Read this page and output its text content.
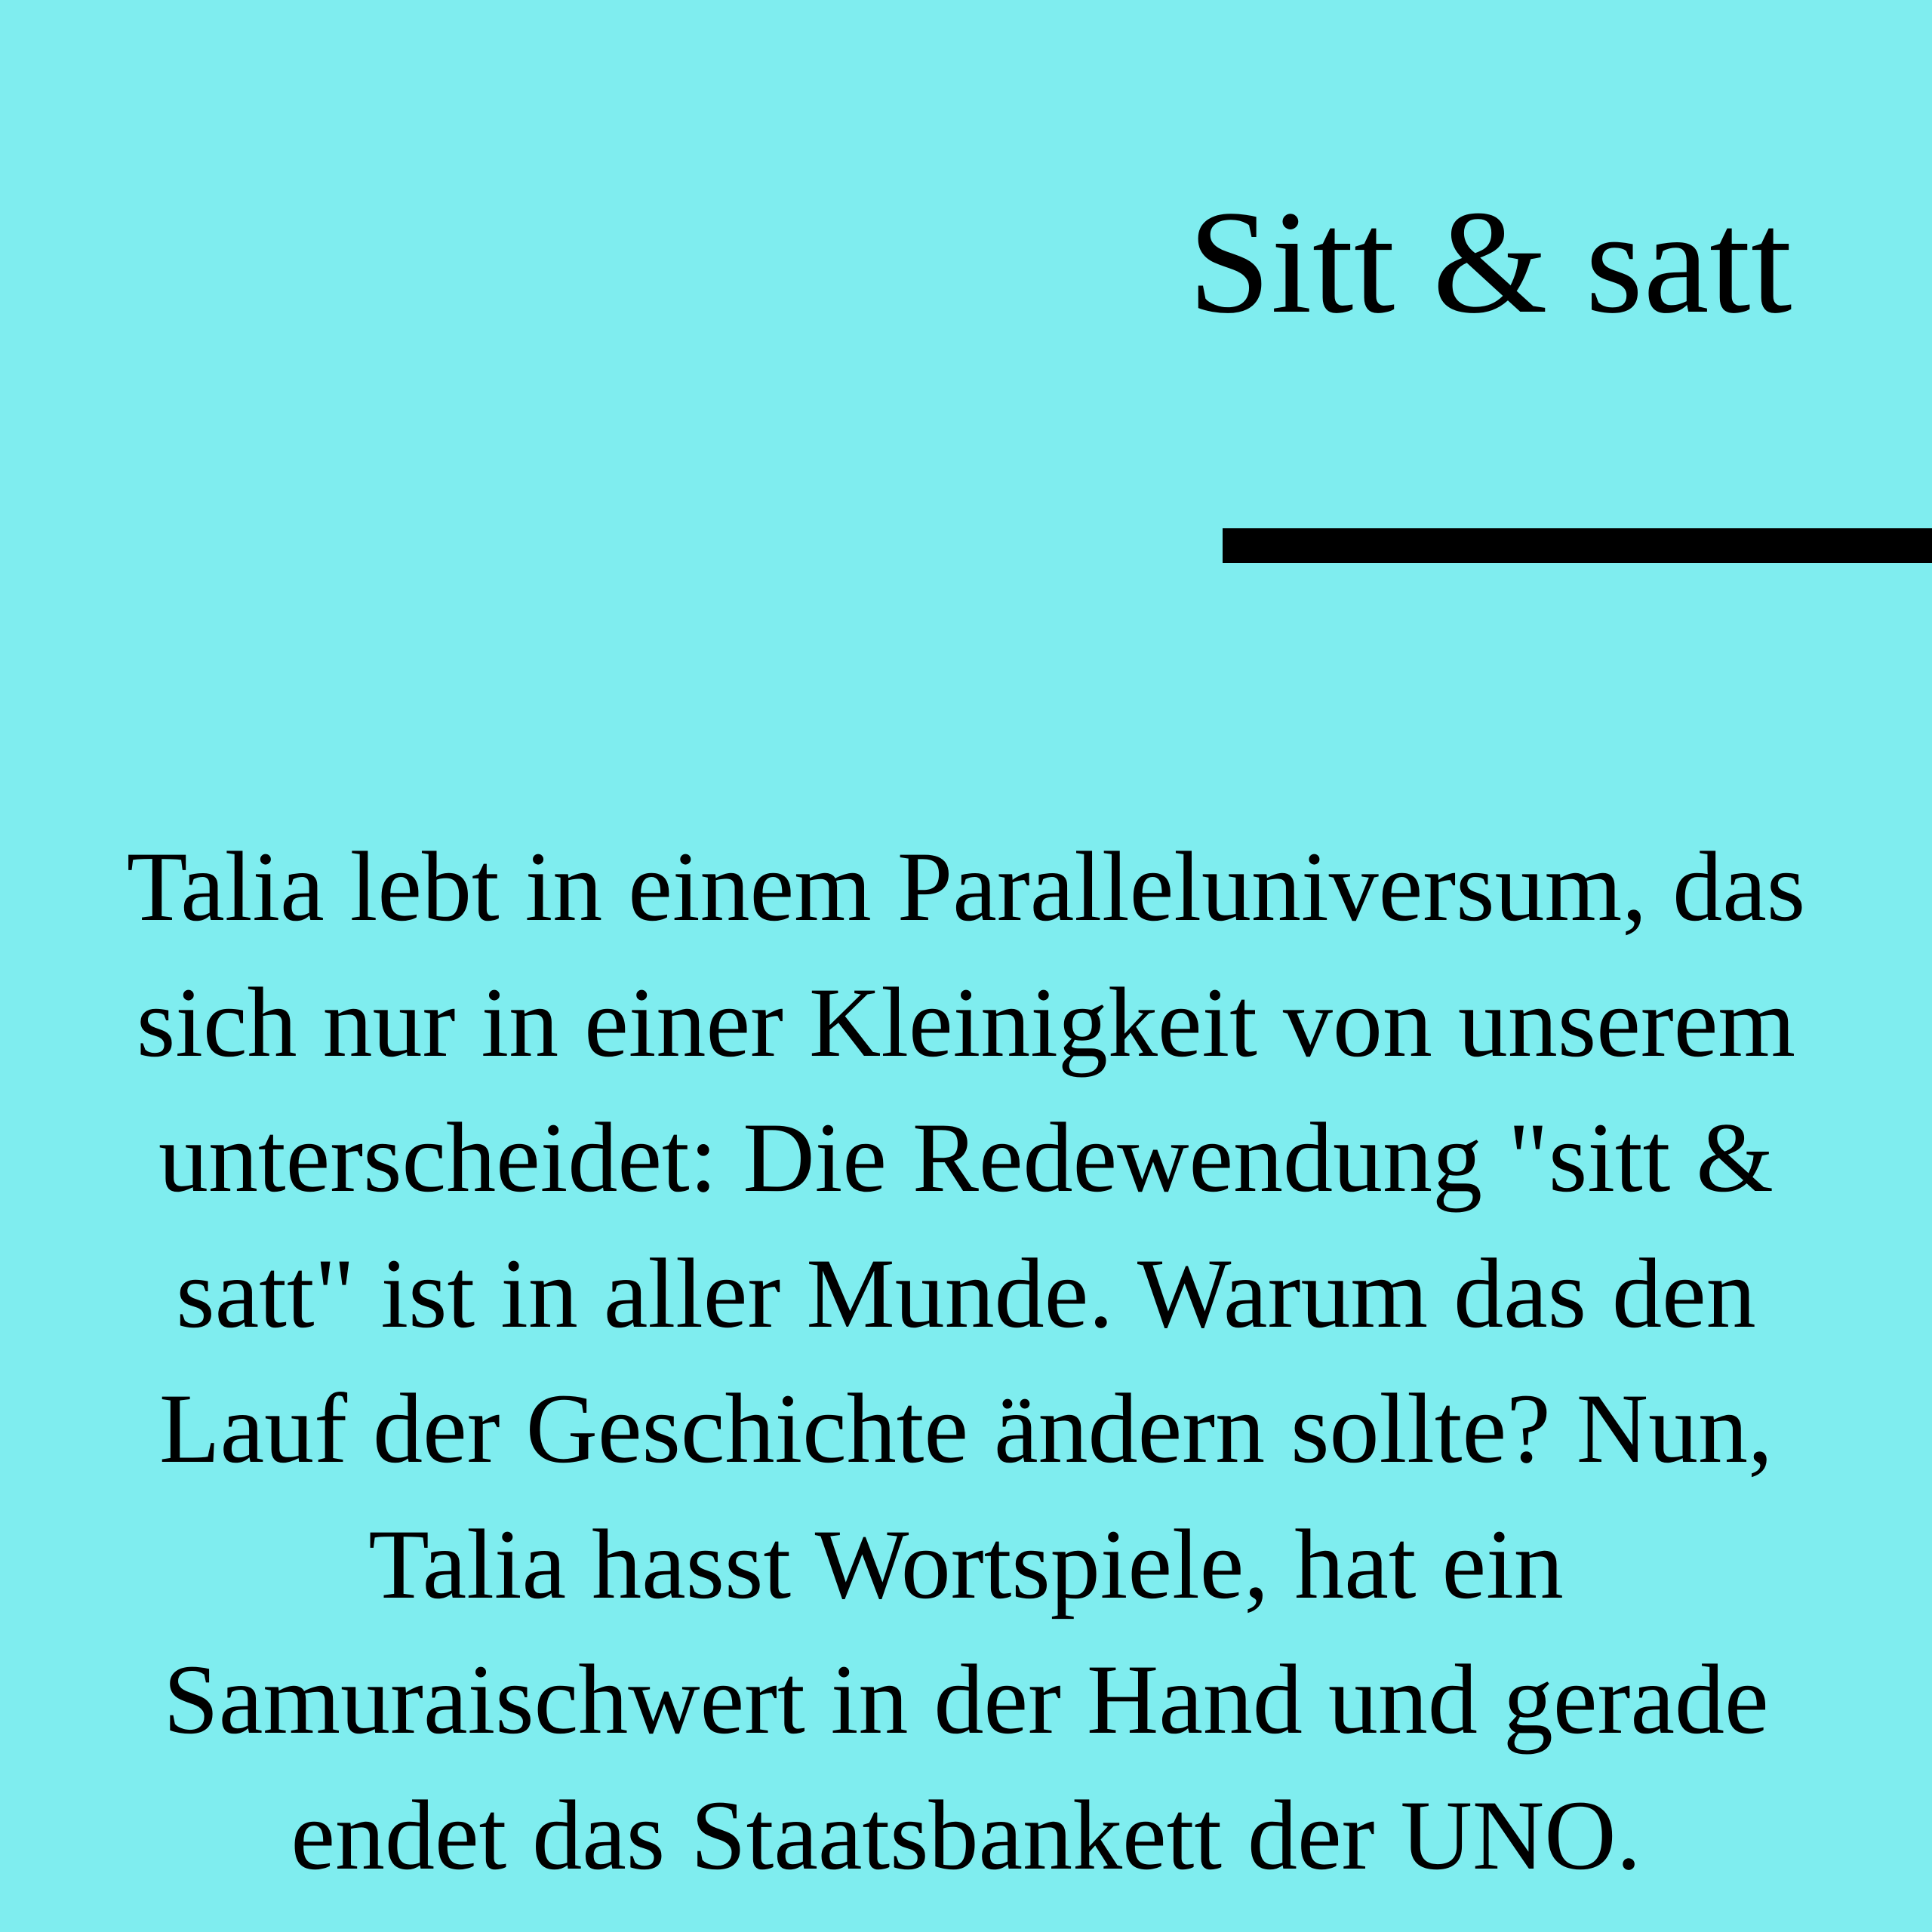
Sitt & satt

Talia lebt in einem Paralleluniversum, das sich nur in einer Kleinigkeit von unserem unterscheidet: Die Redewendung "sitt & satt" ist in aller Munde. Warum das den Lauf der Geschichte ändern sollte? Nun, Talia hasst Wortspiele, hat ein Samuraischwert in der Hand und gerade endet das Staatsbankett der UNO.
